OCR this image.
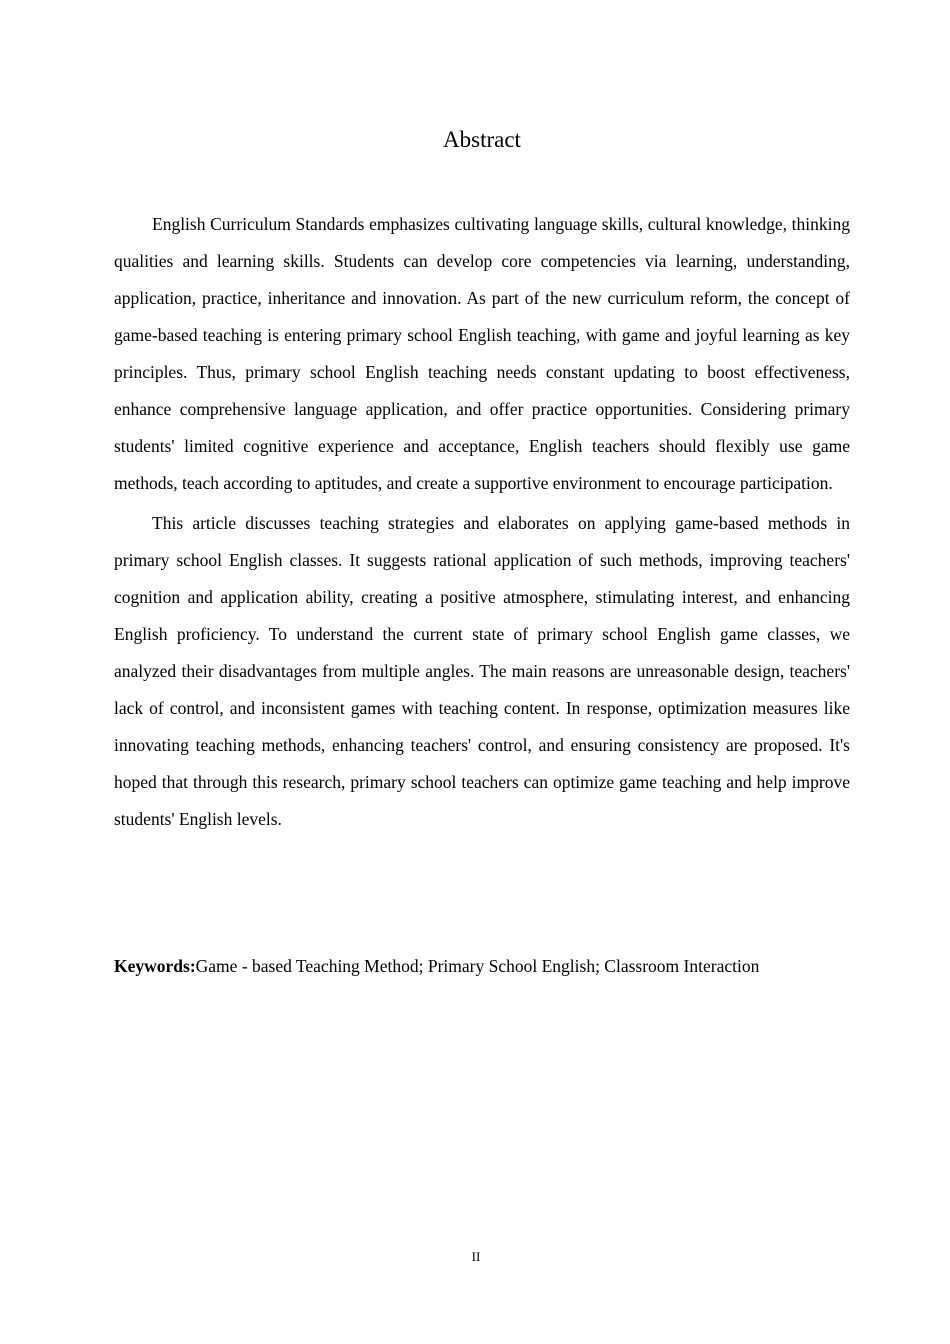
Abstract

English Curriculum Standards emphasizes cultivating language skills, cultural knowledge, thinking qualities and learning skills. Students can develop core competencies via learning, understanding, application, practice, inheritance and innovation. As part of the new curriculum reform, the concept of game-based teaching is entering primary school English teaching, with game and joyful learning as key principles. Thus, primary school English teaching needs constant updating to boost effectiveness, enhance comprehensive language application, and offer practice opportunities. Considering primary students' limited cognitive experience and acceptance, English teachers should flexibly use game methods, teach according to aptitudes, and create a supportive environment to encourage participation.

This article discusses teaching strategies and elaborates on applying game-based methods in primary school English classes. It suggests rational application of such methods, improving teachers' cognition and application ability, creating a positive atmosphere, stimulating interest, and enhancing English proficiency. To understand the current state of primary school English game classes, we analyzed their disadvantages from multiple angles. The main reasons are unreasonable design, teachers' lack of control, and inconsistent games with teaching content. In response, optimization measures like innovating teaching methods, enhancing teachers' control, and ensuring consistency are proposed. It's hoped that through this research, primary school teachers can optimize game teaching and help improve students' English levels.

Keywords:Game - based Teaching Method; Primary School English; Classroom Interaction
II
